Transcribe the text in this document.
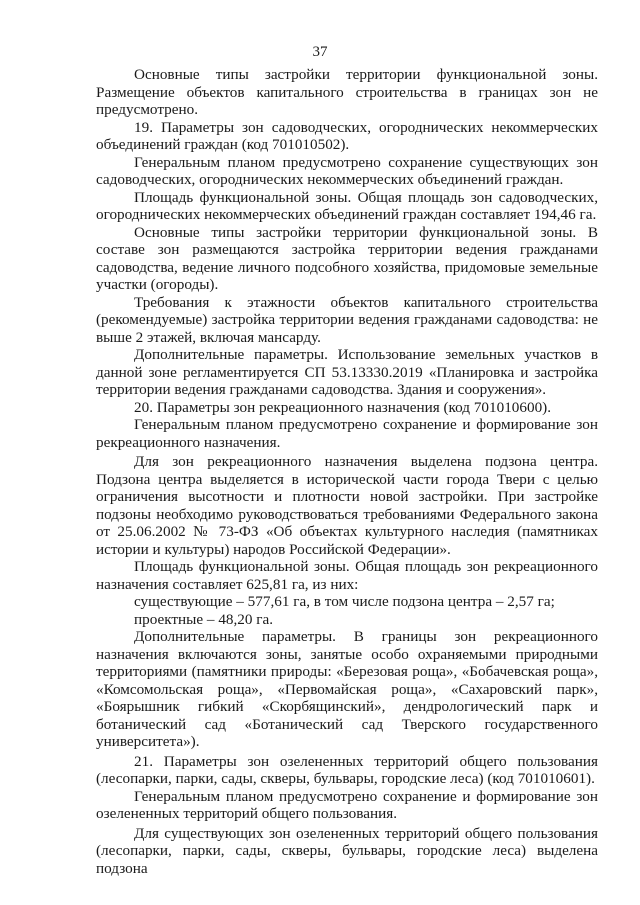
37

Основные типы застройки территории функциональной зоны. Размещение объектов капитального строительства в границах зон не предусмотрено.

19. Параметры зон садоводческих, огороднических некоммерческих объединений граждан (код 701010502).

Генеральным планом предусмотрено сохранение существующих зон садоводческих, огороднических некоммерческих объединений граждан.

Площадь функциональной зоны. Общая площадь зон садоводческих, огороднических некоммерческих объединений граждан составляет 194,46 га.

Основные типы застройки территории функциональной зоны. В составе зон размещаются застройка территории ведения гражданами садоводства, ведение личного подсобного хозяйства, придомовые земельные участки (огороды).

Требования к этажности объектов капитального строительства (рекомендуемые) застройка территории ведения гражданами садоводства: не выше 2 этажей, включая мансарду.

Дополнительные параметры. Использование земельных участков в данной зоне регламентируется СП 53.13330.2019 «Планировка и застройка территории ведения гражданами садоводства. Здания и сооружения».

20. Параметры зон рекреационного назначения (код 701010600).

Генеральным планом предусмотрено сохранение и формирование зон рекреационного назначения.

Для зон рекреационного назначения выделена подзона центра. Подзона центра выделяется в исторической части города Твери с целью ограничения высотности и плотности новой застройки. При застройке подзоны необходимо руководствоваться требованиями Федерального закона от 25.06.2002 № 73-ФЗ «Об объектах культурного наследия (памятниках истории и культуры) народов Российской Федерации».

Площадь функциональной зоны. Общая площадь зон рекреационного назначения составляет 625,81 га, из них:

существующие – 577,61 га, в том числе подзона центра – 2,57 га;

проектные – 48,20 га.

Дополнительные параметры. В границы зон рекреационного назначения включаются зоны, занятые особо охраняемыми природными территориями (памятники природы: «Березовая роща», «Бобачевская роща», «Комсомольская роща», «Первомайская роща», «Сахаровский парк», «Боярышник гибкий «Скорбящинский», дендрологический парк и ботанический сад «Ботанический сад Тверского государственного университета»).

21. Параметры зон озелененных территорий общего пользования (лесопарки, парки, сады, скверы, бульвары, городские леса) (код 701010601).

Генеральным планом предусмотрено сохранение и формирование зон озелененных территорий общего пользования.

Для существующих зон озелененных территорий общего пользования (лесопарки, парки, сады, скверы, бульвары, городские леса) выделена подзона
